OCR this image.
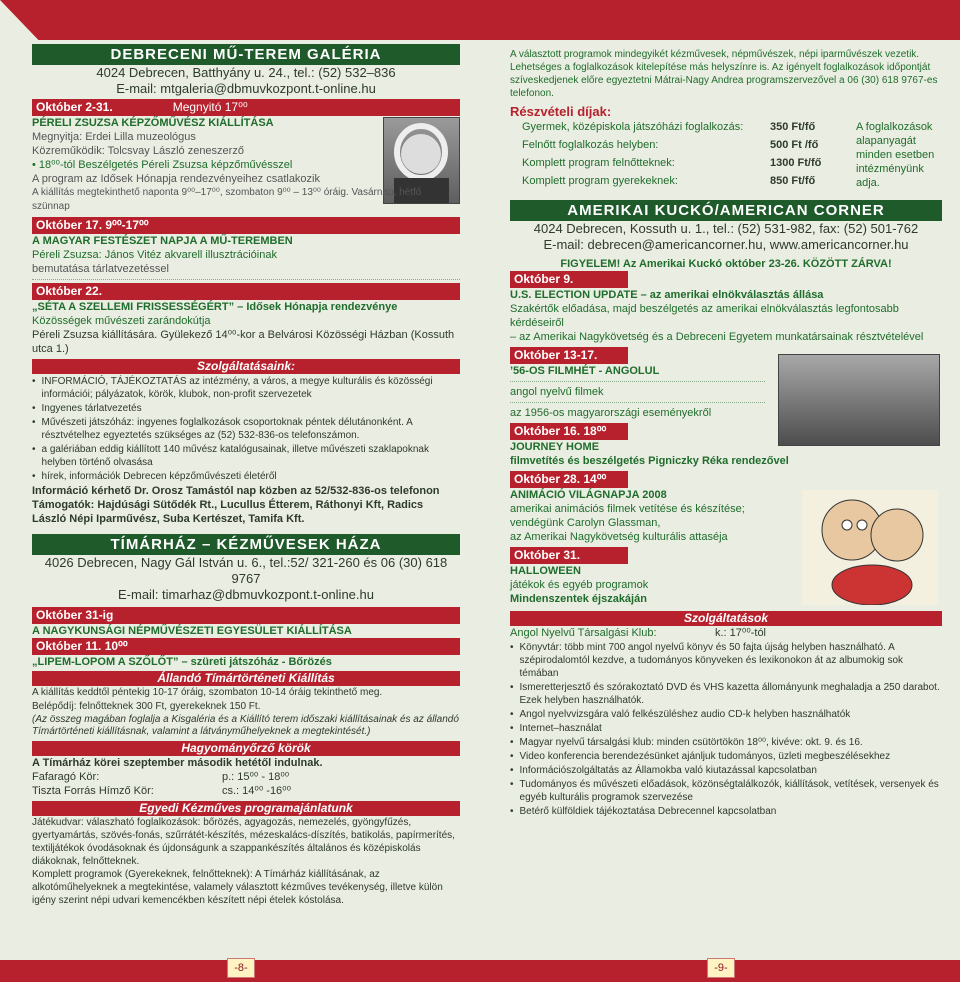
-8-
DEBRECENI MŰ-TEREM GALÉRIA

4024 Debrecen, Batthyány u. 24., tel.: (52) 532–836

E-mail: mtgaleria@dbmuvkozpont.t-online.hu

Október 2-31.	Megnyitó 17⁰⁰

PÉRELI ZSUZSA KÉPZŐMŰVÉSZ KIÁLLÍTÁSA

Megnyitja: Erdei Lilla muzeológus

Közreműködik: Tolcsvay László zeneszerző

• 18⁰⁰-tól Beszélgetés Péreli Zsuzsa képzőművésszel

A program az Idősek Hónapja rendezvényeihez csatlakozik

A kiállítás megtekinthető naponta 9⁰⁰–17⁰⁰, szombaton 9⁰⁰ – 13⁰⁰ óráig. Vasárnap, hétfő szünnap

Október 17. 9⁰⁰-17⁰⁰

A MAGYAR FESTÉSZET NAPJA A MŰ-TEREMBEN

Péreli Zsuzsa: János Vitéz akvarell illusztrációinak

bemutatása tárlatvezetéssel

Október 22.

„SÉTA A SZELLEMI FRISSESSÉGÉRT” – Idősek Hónapja rendezvénye

Közösségek művészeti zarándokútja

Péreli Zsuzsa kiállítására. Gyülekező 14⁰⁰-kor a Belvárosi Közösségi Házban (Kossuth utca 1.)

Szolgáltatásaink:
• INFORMÁCIÓ, TÁJÉKOZTATÁS az intézmény, a város, a megye kulturális és közösségi információi; pályázatok, körök, klubok, non-profit szervezetek
• Ingyenes tárlatvezetés
• Művészeti játszóház: ingyenes foglalkozások csoportoknak péntek délutánonként. A résztvételhez egyeztetés szükséges az (52) 532-836-os telefonszámon.
• a galériában eddig kiállított 140 művész katalógusainak, illetve művészeti szaklapoknak helyben történő olvasása
• hírek, információk Debrecen képzőművészeti életéről

Információ kérhető Dr. Orosz Tamástól nap közben az 52/532-836-os telefonon

Támogatók: Hajdúsági Sütődék Rt., Lucullus Étterem, Ráthonyi Kft, Radics László Népi Iparművész, Suba Kertészet, Tamifa Kft.

TÍMÁRHÁZ – KÉZMŰVESEK HÁZA

4026 Debrecen, Nagy Gál István u. 6., tel.:52/ 321-260 és 06 (30) 618 9767

E-mail: timarhaz@dbmuvkozpont.t-online.hu

Október 31-ig

A NAGYKUNSÁGI NÉPMŰVÉSZETI EGYESÜLET KIÁLLÍTÁSA

Október 11. 10⁰⁰

„LIPEM-LOPOM A SZŐLŐT” – szüreti játszóház - Bőrözés

Állandó Tímártörténeti Kiállítás

A kiállítás keddtől péntekig 10-17 óráig, szombaton 10-14 óráig tekinthető meg.

Belépődíj: felnőtteknek 300 Ft, gyerekeknek 150 Ft.

(Az összeg magában foglalja a Kisgaléria és a Kiállító terem időszaki kiállításainak és az állandó Tímártörténeti kiállításnak, valamint a látványműhelyeknek a megtekintését.)

Hagyományőrző körök

A Tímárház körei szeptember második hetétől indulnak.

Fafaragó Kör:	p.: 15⁰⁰ - 18⁰⁰
Tiszta Forrás Hímző Kör:	cs.: 14⁰⁰ -16⁰⁰
Egyedi Kézműves programajánlatunk

Játékudvar: válaszható foglalkozások: bőrözés, agyagozás, nemezelés, gyöngyfűzés, gyertyamártás, szövés-fonás, szűrrátét-készítés, mézeskalács-díszítés, batikolás, papírmerítés, textiljátékok óvodásoknak és újdonságunk a szappankészítés általános és középiskolás diákoknak, felnőtteknek.

Komplett programok (Gyerekeknek, felnőtteknek): A Tímárház kiállításának, az alkotóműhelyeknek a megtekintése, valamely választott kézműves tevékenység, illetve külön igény szerint népi udvari kemencékben készített népi ételek kóstolása.

-9-

A választott programok mindegyikét kézművesek, népművészek, népi iparművészek vezetik. Lehetséges a foglalkozások kitelepítése más helyszínre is. Az igényelt foglalkozások időpontját szíveskedjenek előre egyeztetni Mátrai-Nagy Andrea programszervezővel a 06 (30) 618 9767-es telefonon.

Részvételi díjak:

Gyermek, középiskola játszóházi foglalkozás:	350 Ft/fő
Felnőtt foglalkozás helyben:	500 Ft /fő
Komplett program felnőtteknek:	1300 Ft/fő
Komplett program gyerekeknek:	850 Ft/fő

A foglalkozások alapanyagát minden esetben intézményünk adja.

AMERIKAI KUCKÓ/AMERICAN CORNER

4024 Debrecen, Kossuth u. 1., tel.: (52) 531-982, fax: (52) 501-762

E-mail: debrecen@americancorner.hu, www.americancorner.hu

FIGYELEM! Az Amerikai Kuckó október 23-26. KÖZÖTT ZÁRVA!

Október 9.

U.S. ELECTION UPDATE – az amerikai elnökválasztás állása

Szakértők előadása, majd beszélgetés az amerikai elnökválasztás legfontosabb kérdéseiről

– az Amerikai Nagykövetség és a Debreceni Egyetem munkatársainak résztvételével

Október 13-17.

’56-OS FILMHÉT - ANGOLUL

angol nyelvű filmek

az 1956-os magyarországi eseményekről

Október 16. 18⁰⁰

JOURNEY HOME

filmvetítés és beszélgetés Pigniczky Réka rendezővel

Október 28. 14⁰⁰

ANIMÁCIÓ VILÁGNAPJA 2008

amerikai animációs filmek vetítése és készítése;

vendégünk Carolyn Glassman,

az Amerikai Nagykövetség kulturális attaséja

Október 31.

HALLOWEEN

játékok és egyéb programok

Mindenszentek éjszakáján

Szolgáltatások
Angol Nyelvű Társalgási Klub:	k.: 17⁰⁰-tól
• Könyvtár: több mint 700 angol nyelvű könyv és 50 fajta újság helyben használható. A szépirodalomtól kezdve, a tudományos könyveken és lexikonokon át az albumokig sok témában
• Ismeretterjesztő és szórakoztató DVD és VHS kazetta állományunk meghaladja a 250 darabot. Ezek helyben használhatók.
• Angol nyelvvizsgára való felkészüléshez audio CD-k helyben használhatók
• Internet–használat
• Magyar nyelvű társalgási klub: minden csütörtökön 18⁰⁰, kivéve: okt. 9. és 16.
• Video konferencia berendezésünket ajánljuk tudományos, üzleti megbeszélésekhez
• Információszolgáltatás az Államokba való kiutazással kapcsolatban
• Tudományos és művészeti előadások, közönségtalálkozók, kiállítások, vetítések, versenyek és egyéb kulturális programok szervezése
• Betérő külföldiek tájékoztatása Debrecennel kapcsolatban
